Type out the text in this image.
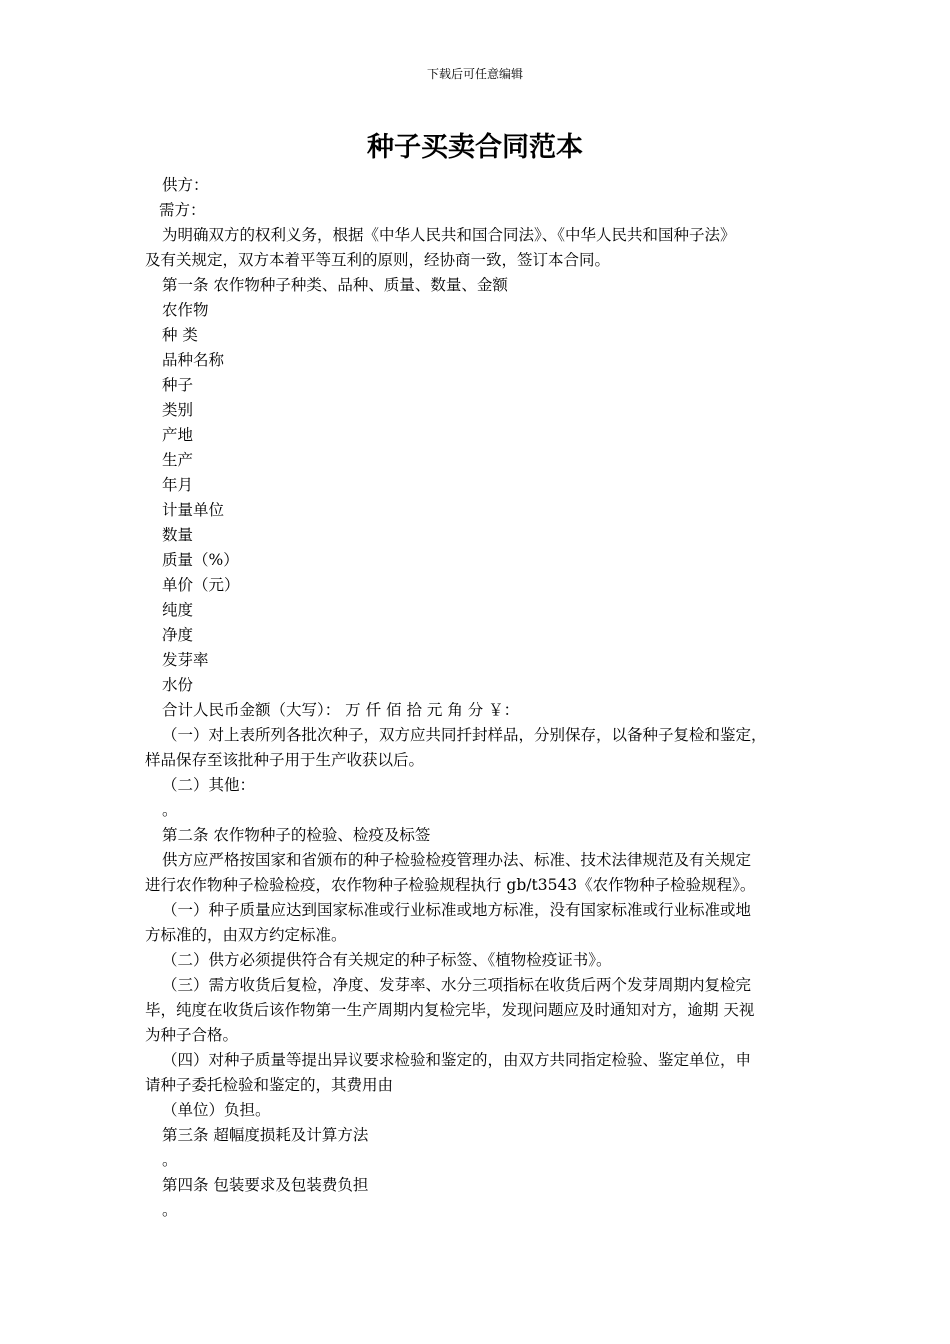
下载后可任意编辑
种子买卖合同范本

供方：

需方：

为明确双方的权利义务，根据《中华人民共和国合同法》、《中华人民共和国种子法》

及有关规定，双方本着平等互利的原则，经协商一致，签订本合同。

第一条 农作物种子种类、品种、质量、数量、金额

农作物

种 类

品种名称

种子

类别

产地

生产

年月

计量单位

数量

质量（%）

单价（元）

纯度

净度

发芽率

水份

合计人民币金额（大写）： 万 仟 佰 拾 元 角 分 ￥：

（一）对上表所列各批次种子，双方应共同扦封样品，分别保存，以备种子复检和鉴定，

样品保存至该批种子用于生产收获以后。

（二）其他：

。

第二条 农作物种子的检验、检疫及标签

供方应严格按国家和省颁布的种子检验检疫管理办法、标准、技术法律规范及有关规定

进行农作物种子检验检疫，农作物种子检验规程执行 gb/t3543《农作物种子检验规程》。

（一）种子质量应达到国家标准或行业标准或地方标准，没有国家标准或行业标准或地

方标准的，由双方约定标准。

（二）供方必须提供符合有关规定的种子标签、《植物检疫证书》。

（三）需方收货后复检，净度、发芽率、水分三项指标在收货后两个发芽周期内复检完

毕，纯度在收货后该作物第一生产周期内复检完毕，发现问题应及时通知对方，逾期 天视

为种子合格。

（四）对种子质量等提出异议要求检验和鉴定的，由双方共同指定检验、鉴定单位，申

请种子委托检验和鉴定的，其费用由

（单位）负担。

第三条 超幅度损耗及计算方法

。

第四条 包装要求及包装费负担

。
